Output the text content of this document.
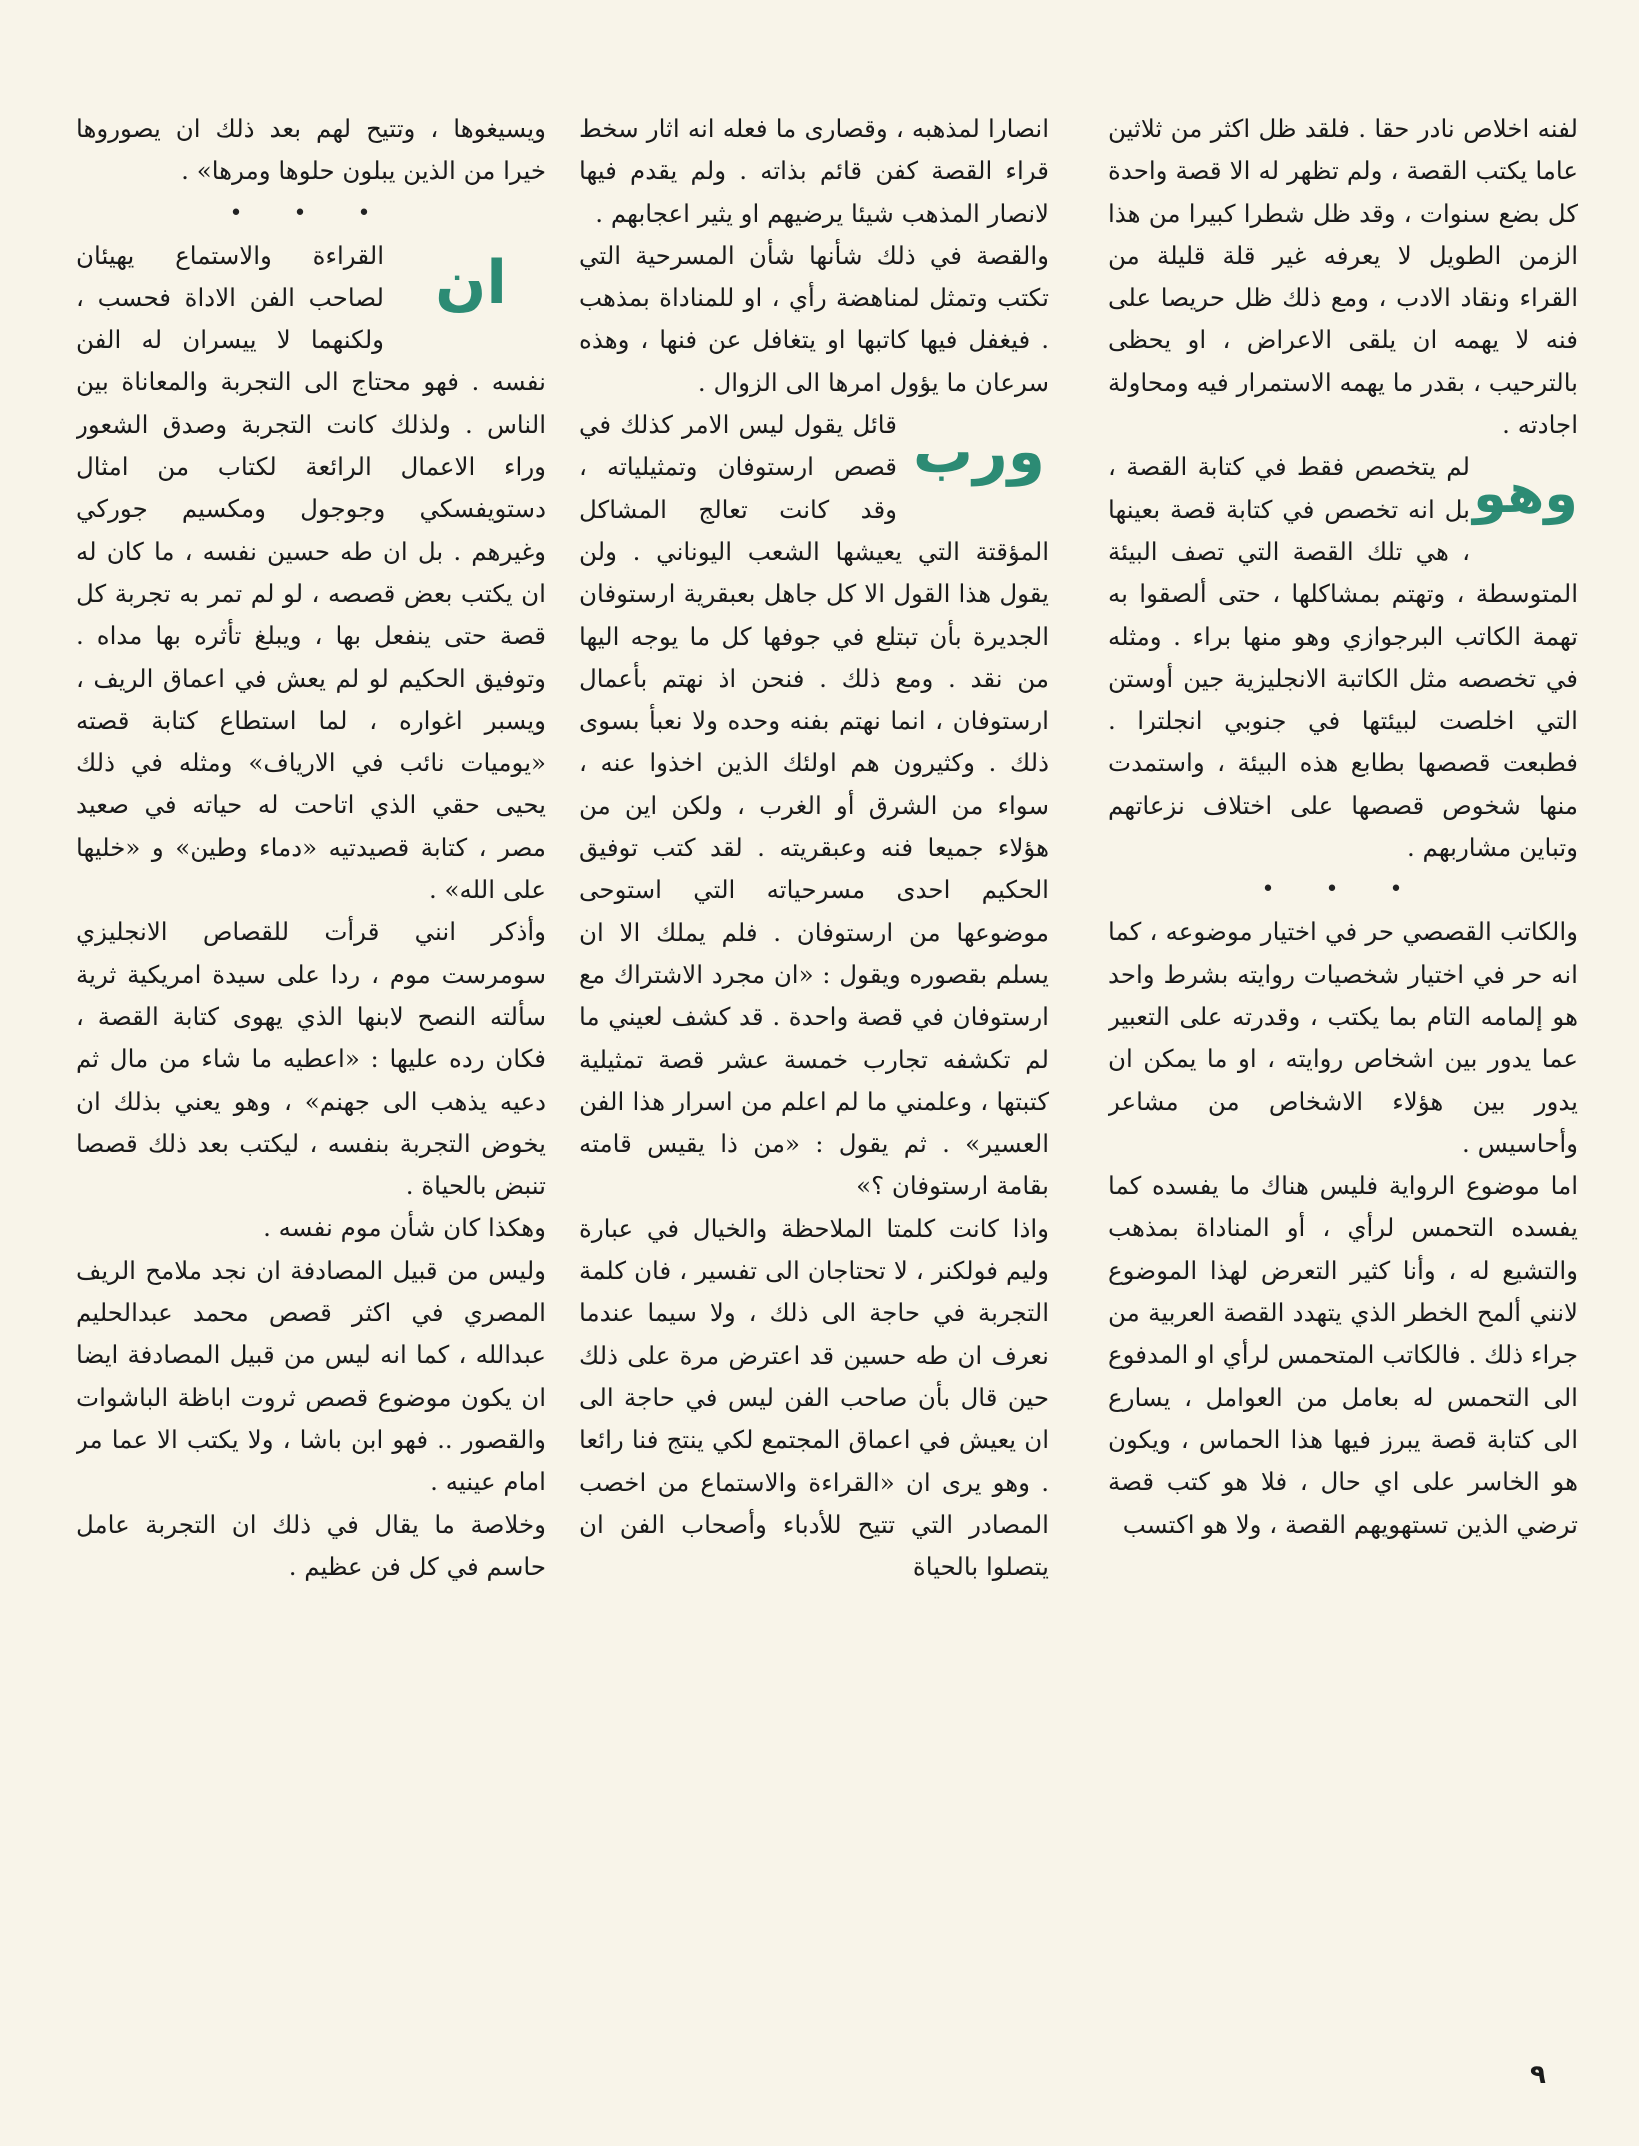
لفنه اخلاص نادر حقا . فلقد ظل اكثر من ثلاثين عاما يكتب القصة ، ولم تظهر له الا قصة واحدة كل بضع سنوات ، وقد ظل شطرا كبيرا من هذا الزمن الطويل لا يعرفه غير قلة قليلة من القراء ونقاد الادب ، ومع ذلك ظل حريصا على فنه لا يهمه ان يلقى الاعراض ، او يحظى بالترحيب ، بقدر ما يهمه الاستمرار فيه ومحاولة اجادته .

وهو

لم يتخصص فقط في كتابة القصة ، بل انه تخصص في كتابة قصة بعينها ، هي تلك القصة التي تصف البيئة المتوسطة ، وتهتم بمشاكلها ، حتى ألصقوا به تهمة الكاتب البرجوازي وهو منها براء . ومثله في تخصصه مثل الكاتبة الانجليزية جين أوستن التي اخلصت لبيئتها في جنوبي انجلترا . فطبعت قصصها بطابع هذه البيئة ، واستمدت منها شخوص قصصها على اختلاف نزعاتهم وتباين مشاربهم .

• • •

والكاتب القصصي حر في اختيار موضوعه ، كما انه حر في اختيار شخصيات روايته بشرط واحد هو إلمامه التام بما يكتب ، وقدرته على التعبير عما يدور بين اشخاص روايته ، او ما يمكن ان يدور بين هؤلاء الاشخاص من مشاعر وأحاسيس .

اما موضوع الرواية فليس هناك ما يفسده كما يفسده التحمس لرأي ، أو المناداة بمذهب والتشيع له ، وأنا كثير التعرض لهذا الموضوع لانني ألمح الخطر الذي يتهدد القصة العربية من جراء ذلك . فالكاتب المتحمس لرأي او المدفوع الى التحمس له بعامل من العوامل ، يسارع الى كتابة قصة يبرز فيها هذا الحماس ، ويكون هو الخاسر على اي حال ، فلا هو كتب قصة ترضي الذين تستهويهم القصة ، ولا هو اكتسب

انصارا لمذهبه ، وقصارى ما فعله انه اثار سخط قراء القصة كفن قائم بذاته . ولم يقدم فيها لانصار المذهب شيئا يرضيهم او يثير اعجابهم .

والقصة في ذلك شأنها شأن المسرحية التي تكتب وتمثل لمناهضة رأي ، او للمناداة بمذهب . فيغفل فيها كاتبها او يتغافل عن فنها ، وهذه سرعان ما يؤول امرها الى الزوال .

ورب

قائل يقول ليس الامر كذلك في قصص ارستوفان وتمثيلياته ، وقد كانت تعالج المشاكل المؤقتة التي يعيشها الشعب اليوناني . ولن يقول هذا القول الا كل جاهل بعبقرية ارستوفان الجديرة بأن تبتلع في جوفها كل ما يوجه اليها من نقد . ومع ذلك . فنحن اذ نهتم بأعمال ارستوفان ، انما نهتم بفنه وحده ولا نعبأ بسوى ذلك . وكثيرون هم اولئك الذين اخذوا عنه ، سواء من الشرق أو الغرب ، ولكن اين من هؤلاء جميعا فنه وعبقريته . لقد كتب توفيق الحكيم احدى مسرحياته التي استوحى موضوعها من ارستوفان . فلم يملك الا ان يسلم بقصوره ويقول : «ان مجرد الاشتراك مع ارستوفان في قصة واحدة . قد كشف لعيني ما لم تكشفه تجارب خمسة عشر قصة تمثيلية كتبتها ، وعلمني ما لم اعلم من اسرار هذا الفن العسير» . ثم يقول : «من ذا يقيس قامته بقامة ارستوفان ؟»

واذا كانت كلمتا الملاحظة والخيال في عبارة وليم فولكنر ، لا تحتاجان الى تفسير ، فان كلمة التجربة في حاجة الى ذلك ، ولا سيما عندما نعرف ان طه حسين قد اعترض مرة على ذلك حين قال بأن صاحب الفن ليس في حاجة الى ان يعيش في اعماق المجتمع لكي ينتج فنا رائعا . وهو يرى ان «القراءة والاستماع من اخصب المصادر التي تتيح للأدباء وأصحاب الفن ان يتصلوا بالحياة

ويسيغوها ، وتتيح لهم بعد ذلك ان يصوروها خيرا من الذين يبلون حلوها ومرها» .

• • •
ان

القراءة والاستماع يهيئان لصاحب الفن الاداة فحسب ، ولكنهما لا ييسران له الفن نفسه . فهو محتاج الى التجربة والمعاناة بين الناس . ولذلك كانت التجربة وصدق الشعور وراء الاعمال الرائعة لكتاب من امثال دستويفسكي وجوجول ومكسيم جوركي وغيرهم . بل ان طه حسين نفسه ، ما كان له ان يكتب بعض قصصه ، لو لم تمر به تجربة كل قصة حتى ينفعل بها ، ويبلغ تأثره بها مداه . وتوفيق الحكيم لو لم يعش في اعماق الريف ، ويسبر اغواره ، لما استطاع كتابة قصته «يوميات نائب في الارياف» ومثله في ذلك يحيى حقي الذي اتاحت له حياته في صعيد مصر ، كتابة قصيدتيه «دماء وطين» و «خليها على الله» .

وأذكر انني قرأت للقصاص الانجليزي سومرست موم ، ردا على سيدة امريكية ثرية سألته النصح لابنها الذي يهوى كتابة القصة ، فكان رده عليها : «اعطيه ما شاء من مال ثم دعيه يذهب الى جهنم» ، وهو يعني بذلك ان يخوض التجربة بنفسه ، ليكتب بعد ذلك قصصا تنبض بالحياة .

وهكذا كان شأن موم نفسه .

وليس من قبيل المصادفة ان نجد ملامح الريف المصري في اكثر قصص محمد عبدالحليم عبدالله ، كما انه ليس من قبيل المصادفة ايضا ان يكون موضوع قصص ثروت اباظة الباشوات والقصور .. فهو ابن باشا ، ولا يكتب الا عما مر امام عينيه .

وخلاصة ما يقال في ذلك ان التجربة عامل حاسم في كل فن عظيم .

٩
